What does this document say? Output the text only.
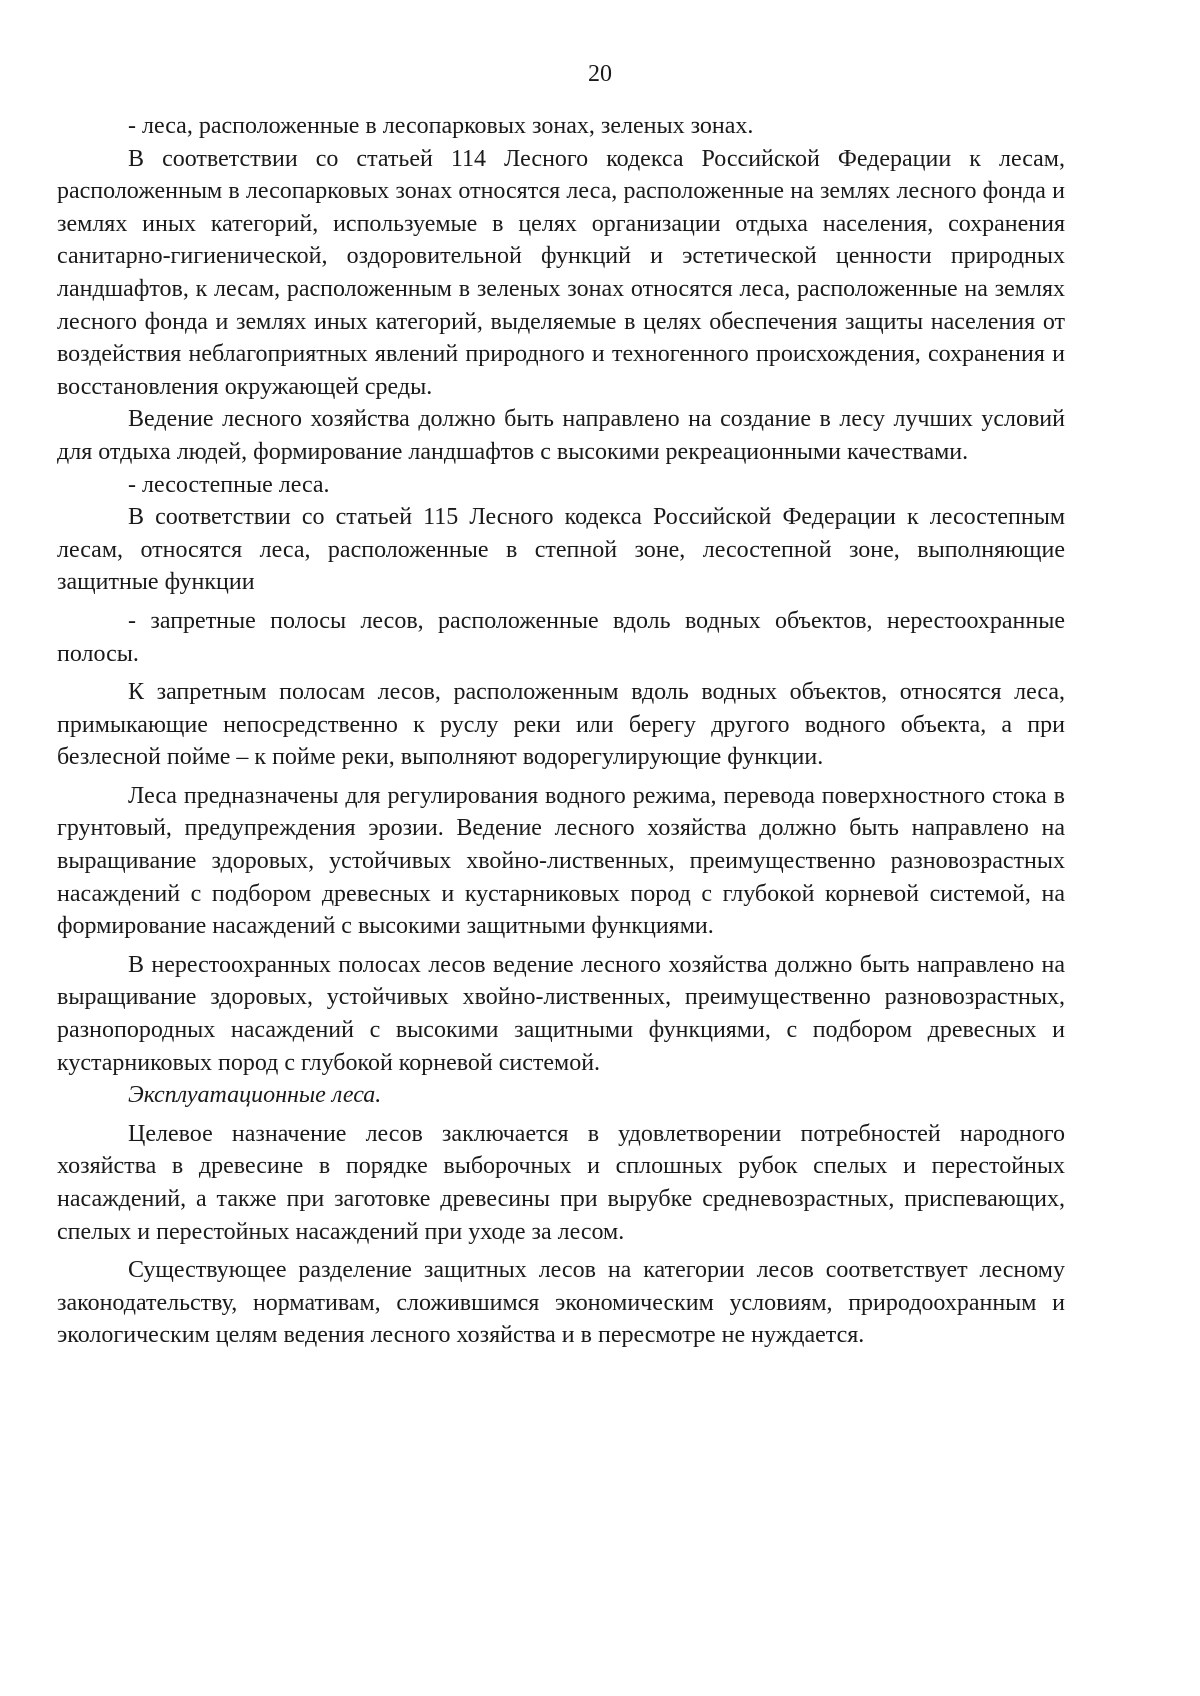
20

- леса, расположенные в лесопарковых зонах, зеленых зонах.

В соответствии со статьей 114 Лесного кодекса Российской Федерации к лесам, расположенным в лесопарковых зонах относятся леса, расположенные на землях лесного фонда и землях иных категорий, используемые в целях организации отдыха населения, сохранения санитарно-гигиенической, оздоровительной функций и эстетической ценности природных ландшафтов, к лесам, расположенным в зеленых зонах относятся леса, расположенные на землях лесного фонда и землях иных категорий, выделяемые в целях обеспечения защиты населения от воздействия неблагоприятных явлений природного и техногенного происхождения, сохранения и восстановления окружающей среды.

Ведение лесного хозяйства должно быть направлено на создание в лесу лучших условий для отдыха людей, формирование ландшафтов с высокими рекреационными качествами.

- лесостепные леса.

В соответствии со статьей 115 Лесного кодекса Российской Федерации к лесостепным лесам, относятся леса, расположенные в степной зоне, лесостепной зоне, выполняющие защитные функции

- запретные полосы лесов, расположенные вдоль водных объектов, нерестоохранные полосы.

К запретным полосам лесов, расположенным вдоль водных объектов, относятся леса, примыкающие непосредственно к руслу реки или берегу другого водного объекта, а при безлесной пойме – к пойме реки, выполняют водорегулирующие функции.

Леса предназначены для регулирования водного режима, перевода поверхностного стока в грунтовый, предупреждения эрозии. Ведение лесного хозяйства должно быть направлено на выращивание здоровых, устойчивых хвойно-лиственных, преимущественно разновозрастных насаждений с подбором древесных и кустарниковых пород с глубокой корневой системой, на формирование насаждений с высокими защитными функциями.

В нерестоохранных полосах лесов ведение лесного хозяйства должно быть направлено на выращивание здоровых, устойчивых хвойно-лиственных, преимущественно разновозрастных, разнопородных насаждений с высокими защитными функциями, с подбором древесных и кустарниковых пород с глубокой корневой системой.

Эксплуатационные леса.

Целевое назначение лесов заключается в удовлетворении потребностей народного хозяйства в древесине в порядке выборочных и сплошных рубок спелых и перестойных насаждений, а также при заготовке древесины при вырубке средневозрастных, приспевающих, спелых и перестойных насаждений при уходе за лесом.

Существующее разделение защитных лесов на категории лесов соответствует лесному законодательству, нормативам, сложившимся экономическим условиям, природоохранным и экологическим целям ведения лесного хозяйства и в пересмотре не нуждается.
